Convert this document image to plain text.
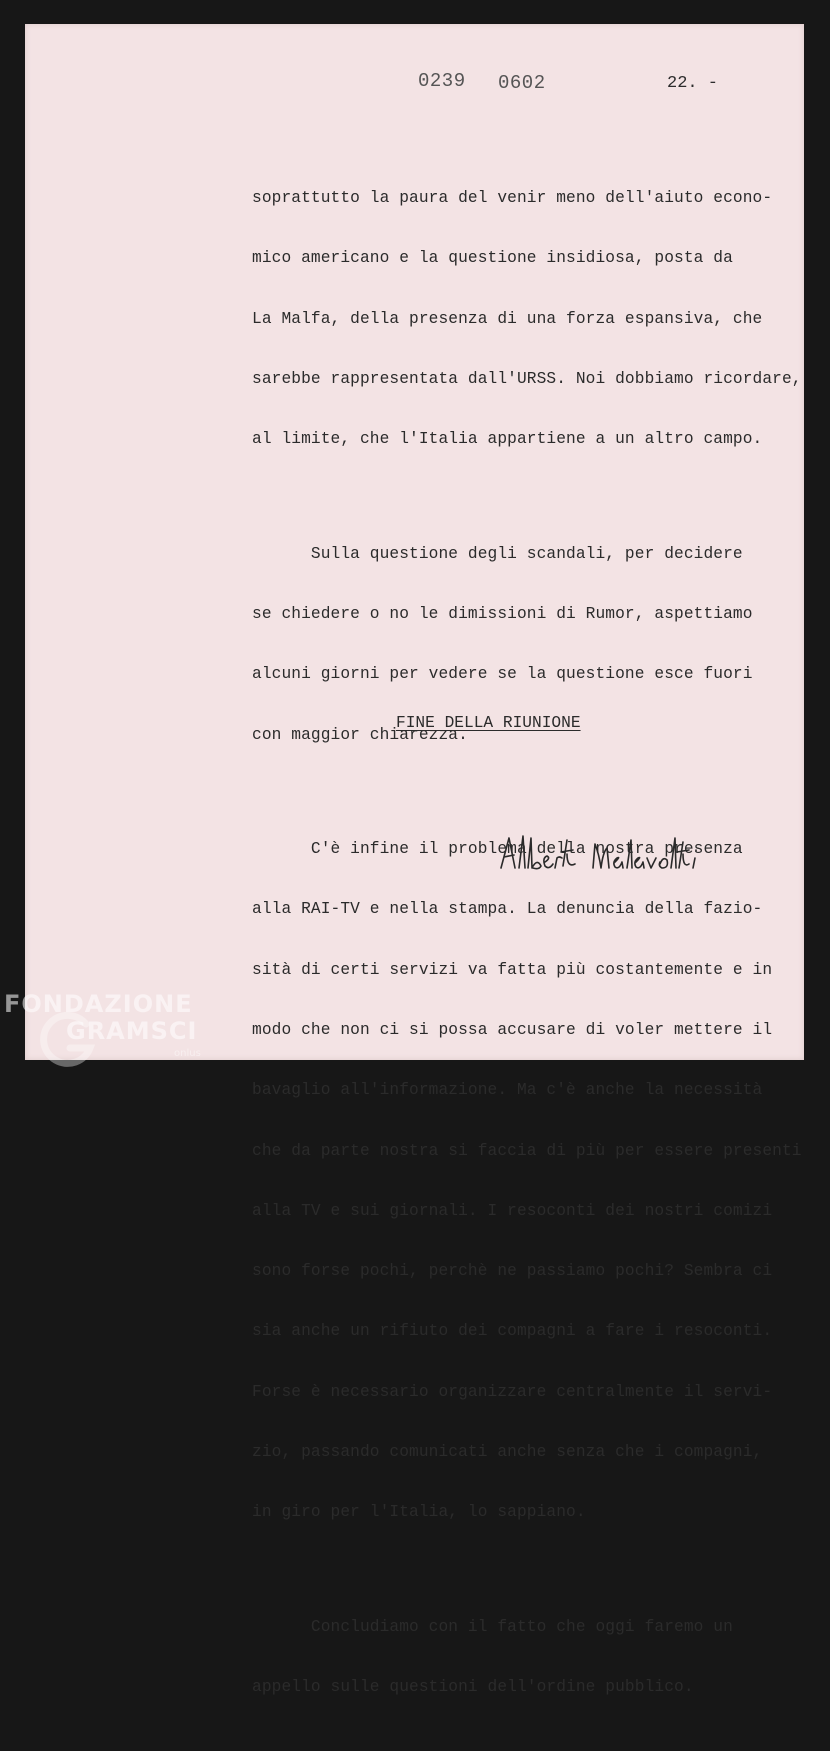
0239 0602	22. -

soprattutto la paura del venir meno dell'aiuto econo-

mico americano e la questione insidiosa, posta da

La Malfa, della presenza di una forza espansiva, che

sarebbe rappresentata dall'URSS. Noi dobbiamo ricordare,

al limite, che l'Italia appartiene a un altro campo.

Sulla questione degli scandali, per decidere

se chiedere o no le dimissioni di Rumor, aspettiamo

alcuni giorni per vedere se la questione esce fuori

con maggior chiarezza.

C'è infine il problema della nostra presenza

alla RAI-TV e nella stampa. La denuncia della fazio-

sità di certi servizi va fatta più costantemente e in

modo che non ci si possa accusare di voler mettere il

bavaglio all'informazione. Ma c'è anche la necessità

che da parte nostra si faccia di più per essere presenti

alla TV e sui giornali. I resoconti dei nostri comizi

sono forse pochi, perchè ne passiamo pochi? Sembra ci

sia anche un rifiuto dei compagni a fare i resoconti.

Forse è necessario organizzare centralmente il servi-

zio, passando comunicati anche senza che i compagni,

in giro per l'Italia, lo sappiano.

Concludiamo con il fatto che oggi faremo un

appello sulle questioni dell'ordine pubblico.

FINE DELLA RIUNIONE
FONDAZIONE
GRAMSCI
onlus
